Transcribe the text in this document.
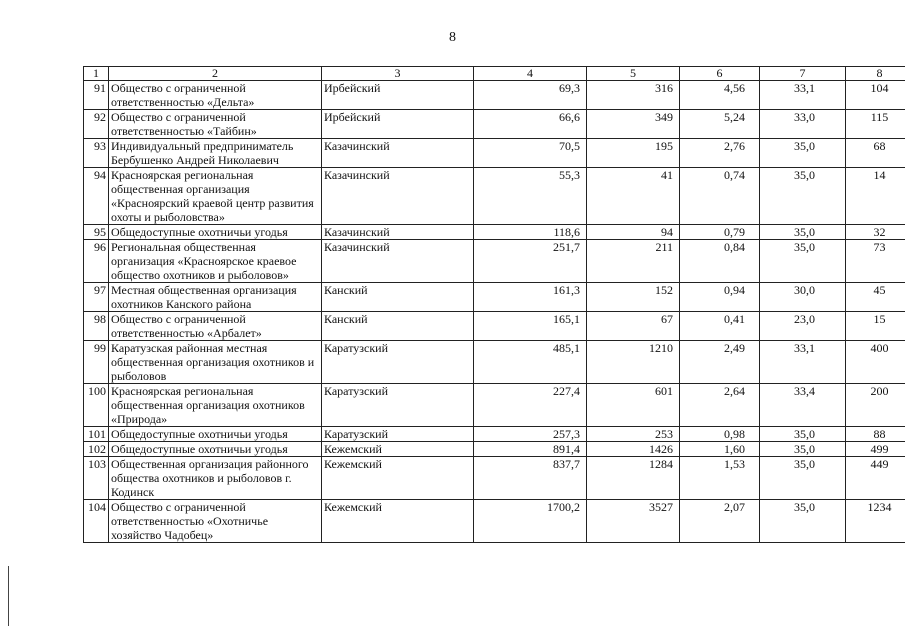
8
1	2	3	4	5	6	7	8
91	Общество с ограниченной ответственностью «Дельта»	Ирбейский	69,3	316	4,56	33,1	104
92	Общество с ограниченной ответственностью «Тайбин»	Ирбейский	66,6	349	5,24	33,0	115
93	Индивидуальный предприниматель Бербушенко Андрей Николаевич	Казачинский	70,5	195	2,76	35,0	68
94	Красноярская региональная общественная организация «Красноярский краевой центр развития охоты и рыболовства»	Казачинский	55,3	41	0,74	35,0	14
95	Общедоступные охотничьи угодья	Казачинский	118,6	94	0,79	35,0	32
96	Региональная общественная организация «Красноярское краевое общество охотников и рыболовов»	Казачинский	251,7	211	0,84	35,0	73
97	Местная общественная организация охотников Канского района	Канский	161,3	152	0,94	30,0	45
98	Общество с ограниченной ответственностью «Арбалет»	Канский	165,1	67	0,41	23,0	15
99	Каратузская районная местная общественная организация охотников и рыболовов	Каратузский	485,1	1210	2,49	33,1	400
100	Красноярская региональная общественная организация охотников «Природа»	Каратузский	227,4	601	2,64	33,4	200
101	Общедоступные охотничьи угодья	Каратузский	257,3	253	0,98	35,0	88
102	Общедоступные охотничьи угодья	Кежемский	891,4	1426	1,60	35,0	499
103	Общественная организация районного общества охотников и рыболовов г. Кодинск	Кежемский	837,7	1284	1,53	35,0	449
104	Общество с ограниченной ответственностью «Охотничье хозяйство Чадобец»	Кежемский	1700,2	3527	2,07	35,0	1234
